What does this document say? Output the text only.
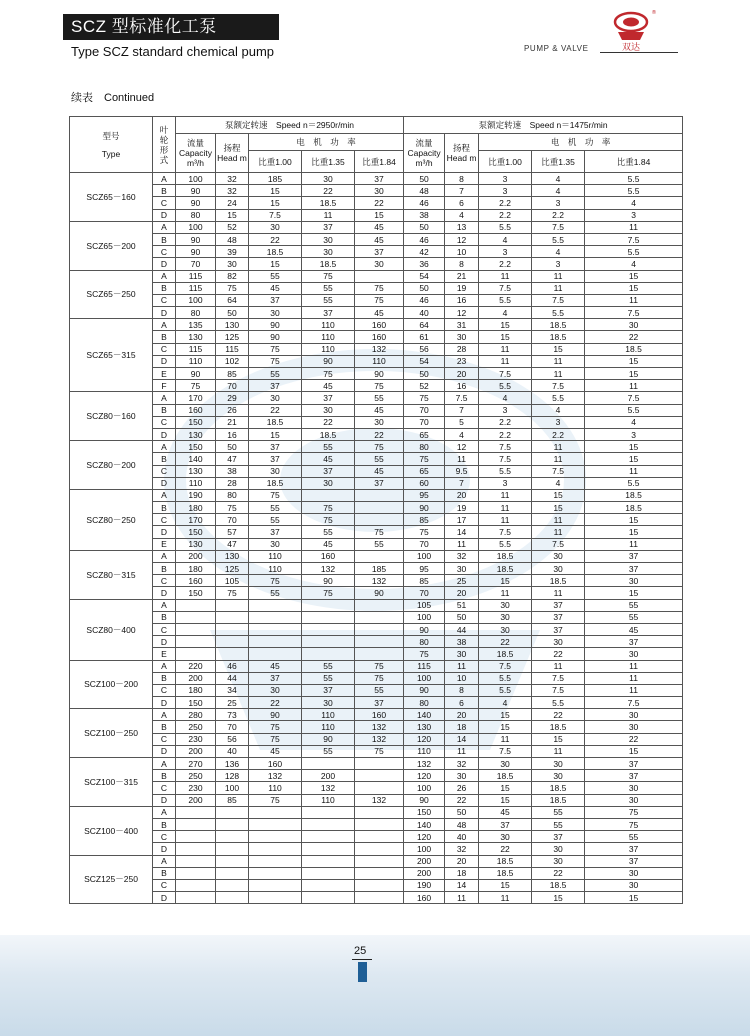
SCZ 型标准化工泵
Type SCZ standard chemical pump	PUMP & VALVE	双达
®
续表　Continued
型号
Type	叶轮形式	泵额定转速　Speed n＝2950r/min					泵额定转速　Speed n＝1475r/min				
		流量 Capacity m³/h	扬程 Head m	电　机　功　率			流量 Capacity m³/h	扬程 Head m	电　机　功　率		
				比重1.00	比重1.35	比重1.84			比重1.00	比重1.35	比重1.84
SCZ65－160	A	100	32	185	30	37	50	8	3	4	5.5
	B	90	32	15	22	30	48	7	3	4	5.5
	C	90	24	15	18.5	22	46	6	2.2	3	4
	D	80	15	7.5	11	15	38	4	2.2	2.2	3
SCZ65－200	A	100	52	30	37	45	50	13	5.5	7.5	11
	B	90	48	22	30	45	46	12	4	5.5	7.5
	C	90	39	18.5	30	37	42	10	3	4	5.5
	D	70	30	15	18.5	30	36	8	2.2	3	4
SCZ65－250	A	115	82	55	75		54	21	11	11	15
	B	115	75	45	55	75	50	19	7.5	11	15
	C	100	64	37	55	75	46	16	5.5	7.5	11
	D	80	50	30	37	45	40	12	4	5.5	7.5
SCZ65－315	A	135	130	90	110	160	64	31	15	18.5	30
	B	130	125	90	110	160	61	30	15	18.5	22
	C	115	115	75	110	132	56	28	11	15	18.5
	D	110	102	75	90	110	54	23	11	11	15
	E	90	85	55	75	90	50	20	7.5	11	15
	F	75	70	37	45	75	52	16	5.5	7.5	11
SCZ80－160	A	170	29	30	37	55	75	7.5	4	5.5	7.5
	B	160	26	22	30	45	70	7	3	4	5.5
	C	150	21	18.5	22	30	70	5	2.2	3	4
	D	130	16	15	18.5	22	65	4	2.2	2.2	3
SCZ80－200	A	150	50	37	55	75	80	12	7.5	11	15
	B	140	47	37	45	55	75	11	7.5	11	15
	C	130	38	30	37	45	65	9.5	5.5	7.5	11
	D	110	28	18.5	30	37	60	7	3	4	5.5
SCZ80－250	A	190	80	75			95	20	11	15	18.5
	B	180	75	55	75		90	19	11	15	18.5
	C	170	70	55	75		85	17	11	11	15
	D	150	57	37	55	75	75	14	7.5	11	15
	E	130	47	30	45	55	70	11	5.5	7.5	11
SCZ80－315	A	200	130	110	160		100	32	18.5	30	37
	B	180	125	110	132	185	95	30	18.5	30	37
	C	160	105	75	90	132	85	25	15	18.5	30
	D	150	75	55	75	90	70	20	11	11	15
SCZ80－400	A						105	51	30	37	55
	B						100	50	30	37	55
	C						90	44	30	37	45
	D						80	38	22	30	37
	E						75	30	18.5	22	30
SCZ100－200	A	220	46	45	55	75	115	11	7.5	11	11
	B	200	44	37	55	75	100	10	5.5	7.5	11
	C	180	34	30	37	55	90	8	5.5	7.5	11
	D	150	25	22	30	37	80	6	4	5.5	7.5
SCZ100－250	A	280	73	90	110	160	140	20	15	22	30
	B	250	70	75	110	132	130	18	15	18.5	30
	C	230	56	75	90	132	120	14	11	15	22
	D	200	40	45	55	75	110	11	7.5	11	15
SCZ100－315	A	270	136	160			132	32	30	30	37
	B	250	128	132	200		120	30	18.5	30	37
	C	230	100	110	132		100	26	15	18.5	30
	D	200	85	75	110	132	90	22	15	18.5	30
SCZ100－400	A						150	50	45	55	75
	B						140	48	37	55	75
	C						120	40	30	37	55
	D						100	32	22	30	37
SCZ125－250	A						200	20	18.5	30	37
	B						200	18	18.5	22	30
	C						190	14	15	18.5	30
	D						160	11	11	15	15
25
